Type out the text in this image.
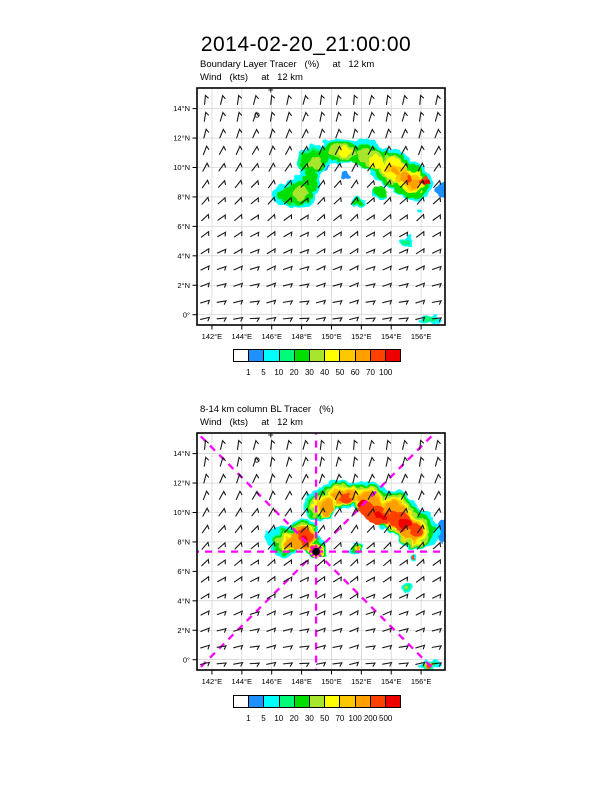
2014-02-20_21:00:00
Boundary Layer Tracer   (%)     at   12 km
Wind   (kts)     at   12 km
8-14 km column BL Tracer   (%)
Wind   (kts)     at   12 km
142°E 144°E 146°E 148°E 150°E 152°E 154°E 156°E
0°
2°N
4°N
6°N
8°N
10°N
12°N
14°N
142°E 144°E 146°E 148°E 150°E 152°E 154°E 156°E
0°
2°N
4°N
6°N
8°N
10°N
12°N
14°N
1 5 10 20 30 40 50 60 70 100
1 5 10 20 30 50 70 100 200 500
